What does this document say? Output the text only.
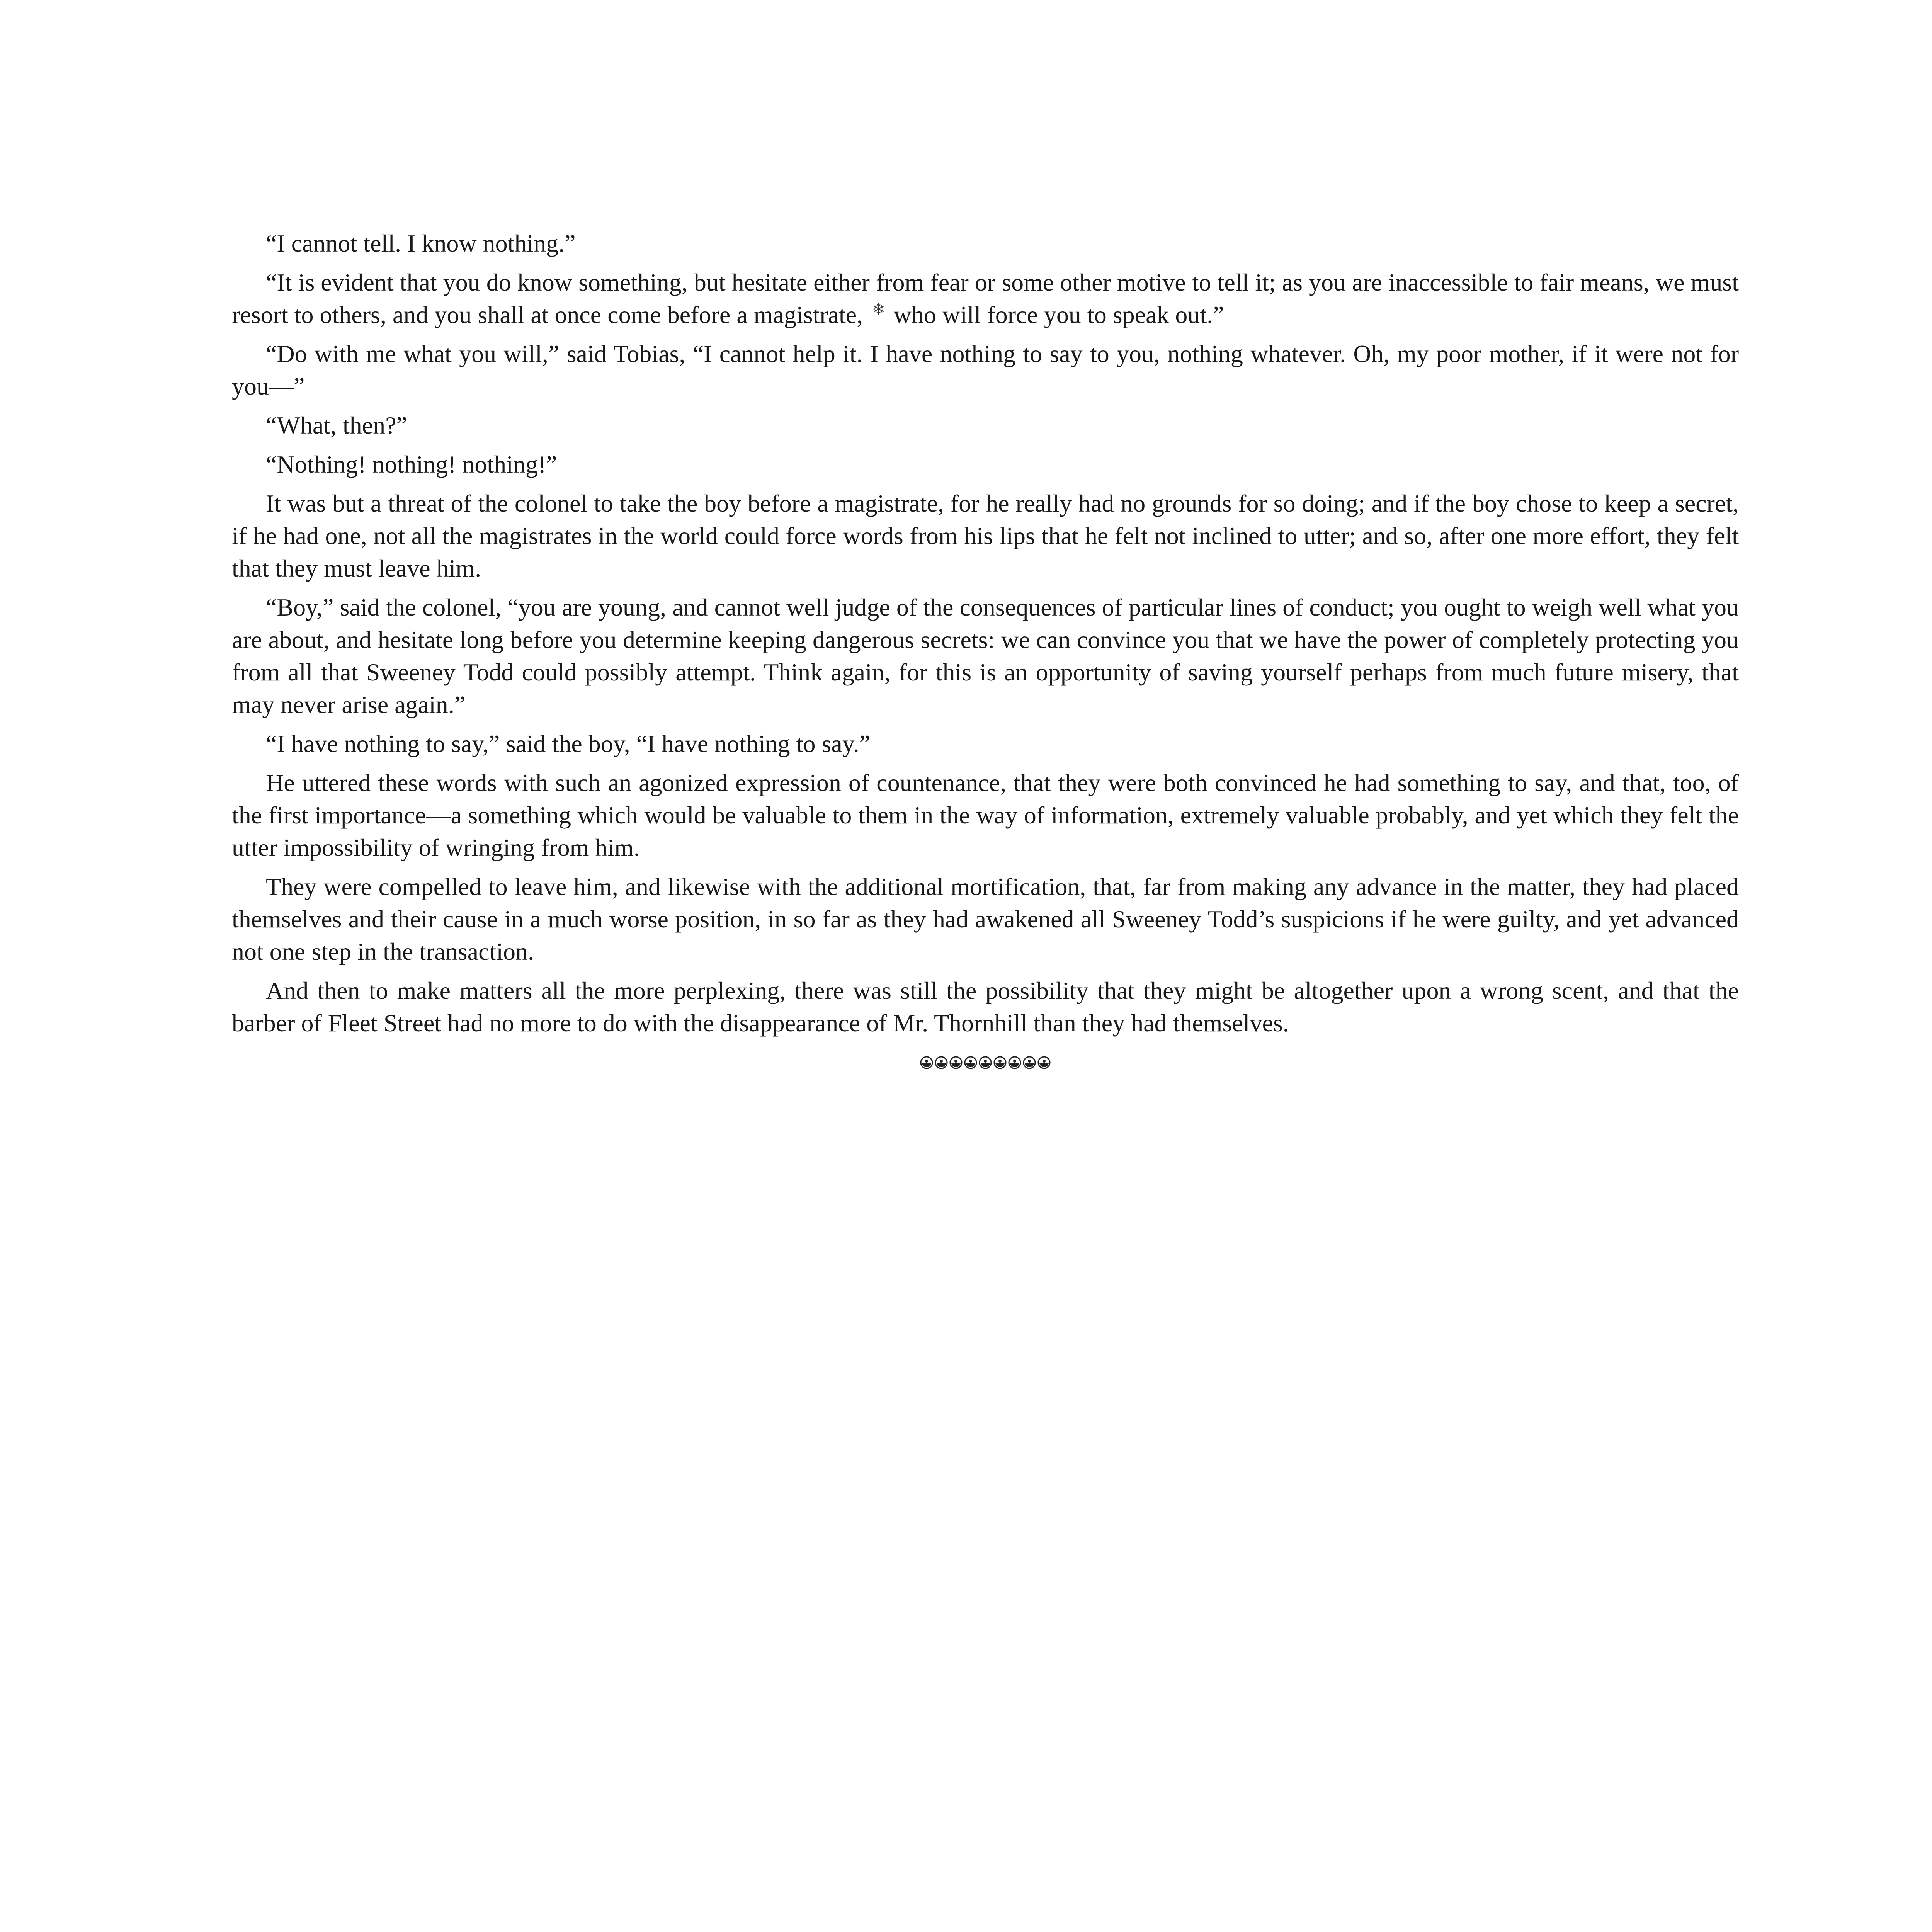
“I cannot tell. I know nothing.”

“It is evident that you do know something, but hesitate either from fear or some other motive to tell it; as you are inaccessible to fair means, we must resort to others, and you shall at once come before a magistrate, ❄ who will force you to speak out.”

“Do with me what you will,” said Tobias, “I cannot help it. I have nothing to say to you, nothing whatever. Oh, my poor mother, if it were not for you—”

“What, then?”

“Nothing! nothing! nothing!”

It was but a threat of the colonel to take the boy before a magistrate, for he really had no grounds for so doing; and if the boy chose to keep a secret, if he had one, not all the magistrates in the world could force words from his lips that he felt not inclined to utter; and so, after one more effort, they felt that they must leave him.

“Boy,” said the colonel, “you are young, and cannot well judge of the consequences of particular lines of conduct; you ought to weigh well what you are about, and hesitate long before you determine keeping dangerous secrets: we can convince you that we have the power of completely protecting you from all that Sweeney Todd could possibly attempt. Think again, for this is an opportunity of saving yourself perhaps from much future misery, that may never arise again.”

“I have nothing to say,” said the boy, “I have nothing to say.”

He uttered these words with such an agonized expression of countenance, that they were both convinced he had something to say, and that, too, of the first importance—a something which would be valuable to them in the way of information, extremely valuable probably, and yet which they felt the utter impossibility of wringing from him.

They were compelled to leave him, and likewise with the additional mortification, that, far from making any advance in the matter, they had placed themselves and their cause in a much worse position, in so far as they had awakened all Sweeney Todd’s suspicions if he were guilty, and yet advanced not one step in the transaction.

And then to make matters all the more perplexing, there was still the possibility that they might be altogether upon a wrong scent, and that the barber of Fleet Street had no more to do with the disappearance of Mr. Thornhill than they had themselves.
